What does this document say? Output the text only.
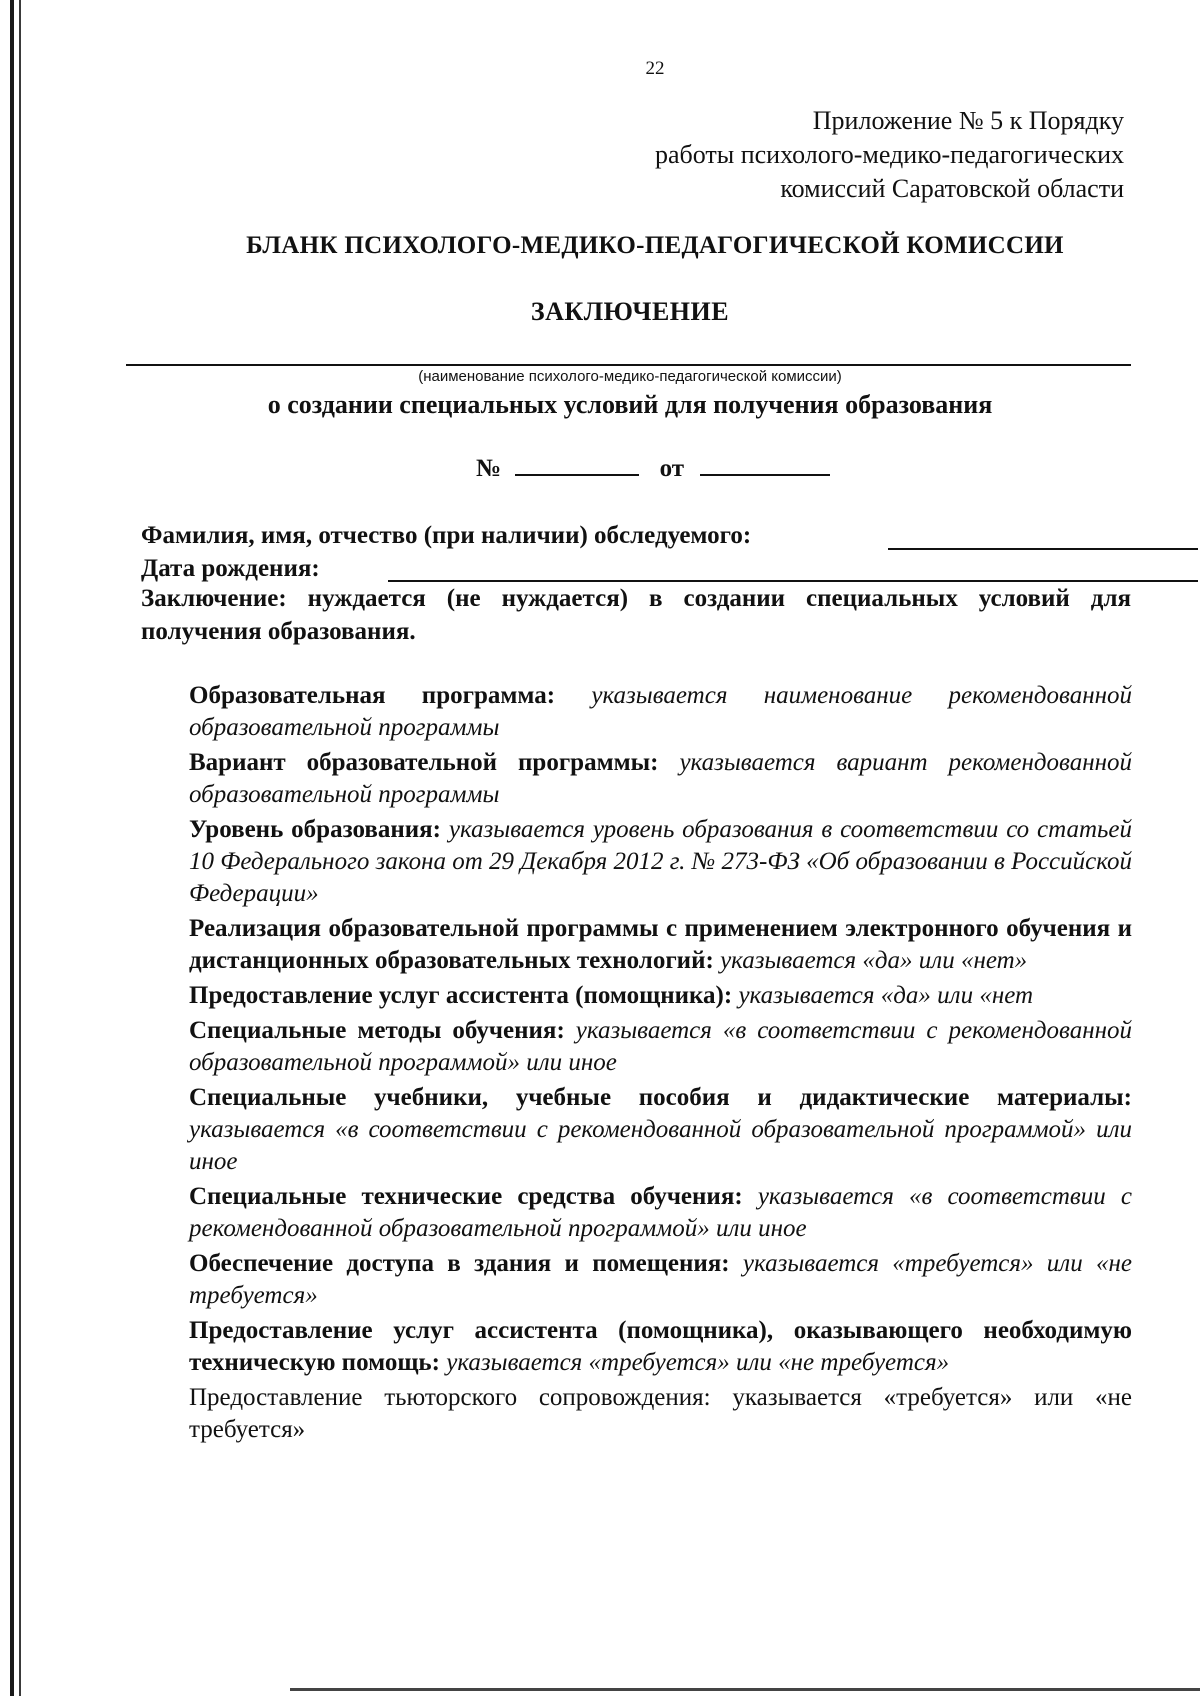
22
Приложение № 5 к Порядку
работы психолого-медико-педагогических
комиссий Саратовской области
БЛАНК ПСИХОЛОГО-МЕДИКО-ПЕДАГОГИЧЕСКОЙ КОМИССИИ
ЗАКЛЮЧЕНИЕ
(наименование психолого-медико-педагогической комиссии)
о создании специальных условий для получения образования
№	от
Фамилия, имя, отчество (при наличии) обследуемого:
Дата рождения:
Заключение: нуждается (не нуждается) в создании специальных условий для получения образования.
Образовательная программа: указывается наименование рекомендованной образовательной программы
Вариант образовательной программы: указывается вариант рекомендованной образовательной программы
Уровень образования: указывается уровень образования в соответствии со статьей 10 Федерального закона от 29 Декабря 2012 г. № 273-ФЗ «Об образовании в Российской Федерации»
Реализация образовательной программы с применением электронного обучения и дистанционных образовательных технологий: указывается «да» или «нет»
Предоставление услуг ассистента (помощника): указывается «да» или «нет
Специальные методы обучения: указывается «в соответствии с рекомендованной образовательной программой» или иное
Специальные учебники, учебные пособия и дидактические материалы: указывается «в соответствии с рекомендованной образовательной программой» или иное
Специальные технические средства обучения: указывается «в соответствии с рекомендованной образовательной программой» или иное
Обеспечение доступа в здания и помещения: указывается «требуется» или «не требуется»
Предоставление услуг ассистента (помощника), оказывающего необходимую техническую помощь: указывается «требуется» или «не требуется»
Предоставление тьюторского сопровождения: указывается «требуется» или «не требуется»
